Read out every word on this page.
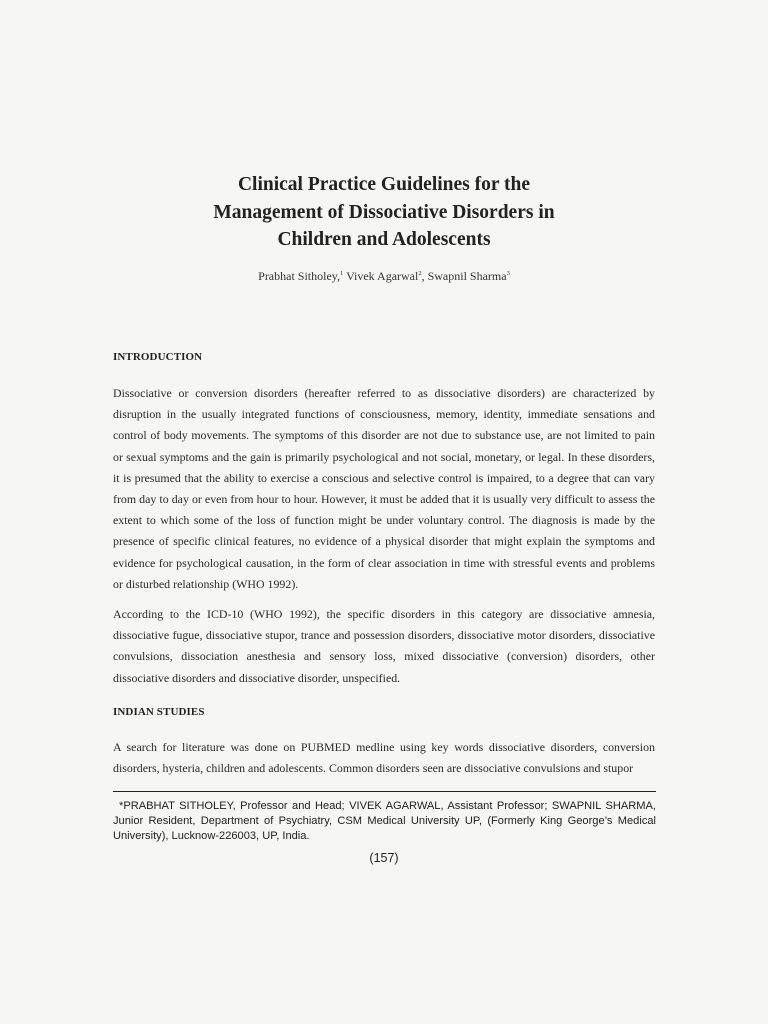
Clinical Practice Guidelines for the
Management of Dissociative Disorders in
Children and Adolescents
Prabhat Sitholey,$^1$ Vivek Agarwal$^2$, Swapnil Sharma$^3$
INTRODUCTION

Dissociative or conversion disorders (hereafter referred to as dissociative disorders) are characterized by disruption in the usually integrated functions of consciousness, memory, identity, immediate sensations and control of body movements. The symptoms of this disorder are not due to substance use, are not limited to pain or sexual symptoms and the gain is primarily psychological and not social, monetary, or legal. In these disorders, it is presumed that the ability to exercise a conscious and selective control is impaired, to a degree that can vary from day to day or even from hour to hour. However, it must be added that it is usually very difficult to assess the extent to which some of the loss of function might be under voluntary control. The diagnosis is made by the presence of specific clinical features, no evidence of a physical disorder that might explain the symptoms and evidence for psychological causation, in the form of clear association in time with stressful events and problems or disturbed relationship (WHO 1992).

According to the ICD-10 (WHO 1992), the specific disorders in this category are dissociative amnesia, dissociative fugue, dissociative stupor, trance and possession disorders, dissociative motor disorders, dissociative convulsions, dissociation anesthesia and sensory loss, mixed dissociative (conversion) disorders, other dissociative disorders and dissociative disorder, unspecified.

INDIAN STUDIES

A search for literature was done on PUBMED medline using key words dissociative disorders, conversion disorders, hysteria, children and adolescents. Common disorders seen are dissociative convulsions and stupor

*PRABHAT SITHOLEY, Professor and Head; VIVEK AGARWAL, Assistant Professor; SWAPNIL SHARMA, Junior Resident, Department of Psychiatry, CSM Medical University UP, (Formerly King George’s Medical University), Lucknow-226003, UP, India.

(157)
